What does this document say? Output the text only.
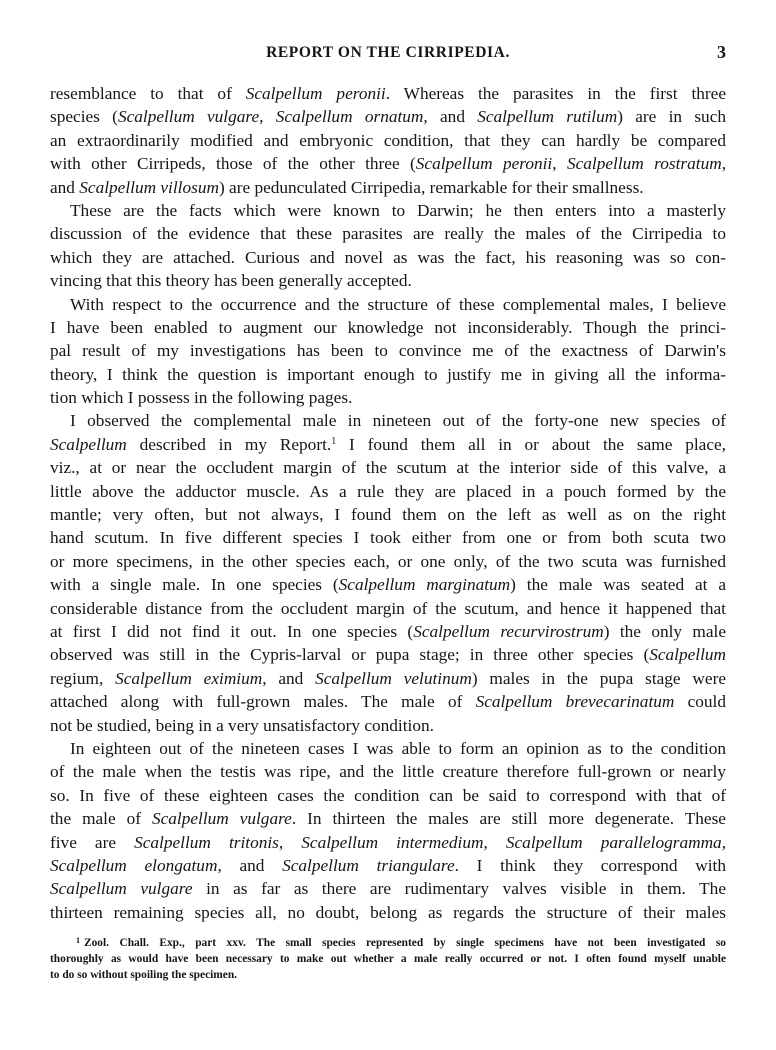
REPORT ON THE CIRRIPEDIA.	3
resemblance to that of Scalpellum peronii. Whereas the parasites in the first three
species (Scalpellum vulgare, Scalpellum ornatum, and Scalpellum rutilum) are in such
an extraordinarily modified and embryonic condition, that they can hardly be compared
with other Cirripeds, those of the other three (Scalpellum peronii, Scalpellum rostratum,
and Scalpellum villosum) are pedunculated Cirripedia, remarkable for their smallness.
These are the facts which were known to Darwin; he then enters into a masterly
discussion of the evidence that these parasites are really the males of the Cirripedia to
which they are attached. Curious and novel as was the fact, his reasoning was so con-
vincing that this theory has been generally accepted.
With respect to the occurrence and the structure of these complemental males, I believe
I have been enabled to augment our knowledge not inconsiderably. Though the princi-
pal result of my investigations has been to convince me of the exactness of Darwin's
theory, I think the question is important enough to justify me in giving all the informa-
tion which I possess in the following pages.
I observed the complemental male in nineteen out of the forty-one new species of
Scalpellum described in my Report.$^1$ I found them all in or about the same place,
viz., at or near the occludent margin of the scutum at the interior side of this valve, a
little above the adductor muscle. As a rule they are placed in a pouch formed by the
mantle; very often, but not always, I found them on the left as well as on the right
hand scutum. In five different species I took either from one or from both scuta two
or more specimens, in the other species each, or one only, of the two scuta was furnished
with a single male. In one species (Scalpellum marginatum) the male was seated at a
considerable distance from the occludent margin of the scutum, and hence it happened that
at first I did not find it out. In one species (Scalpellum recurvirostrum) the only male
observed was still in the Cypris-larval or pupa stage; in three other species (Scalpellum
regium, Scalpellum eximium, and Scalpellum velutinum) males in the pupa stage were
attached along with full-grown males. The male of Scalpellum brevecarinatum could
not be studied, being in a very unsatisfactory condition.
In eighteen out of the nineteen cases I was able to form an opinion as to the condition
of the male when the testis was ripe, and the little creature therefore full-grown or nearly
so. In five of these eighteen cases the condition can be said to correspond with that of
the male of Scalpellum vulgare. In thirteen the males are still more degenerate. These
five are Scalpellum tritonis, Scalpellum intermedium, Scalpellum parallelogramma,
Scalpellum elongatum, and Scalpellum triangulare. I think they correspond with
Scalpellum vulgare in as far as there are rudimentary valves visible in them. The
thirteen remaining species all, no doubt, belong as regards the structure of their males
$^1$ Zool. Chall. Exp., part xxv. The small species represented by single specimens have not been investigated so
thoroughly as would have been necessary to make out whether a male really occurred or not. I often found myself unable
to do so without spoiling the specimen.
